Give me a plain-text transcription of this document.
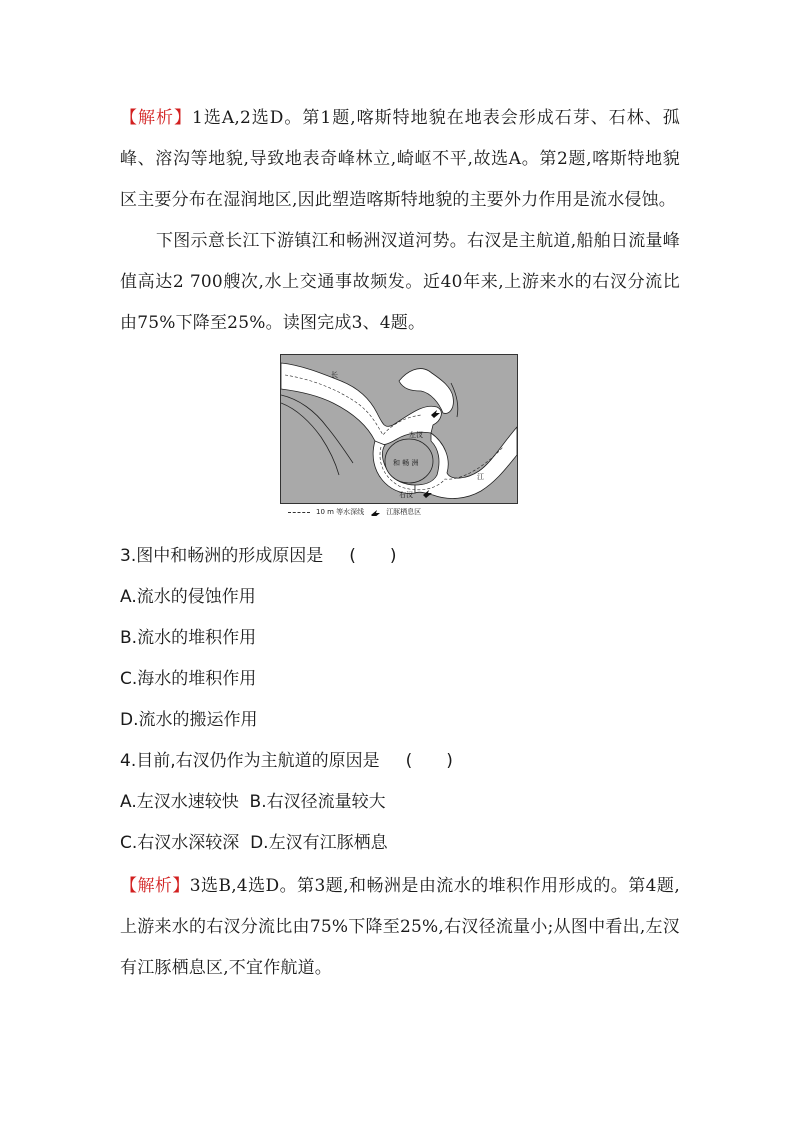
【解析】1选A,2选D。第1题,喀斯特地貌在地表会形成石芽、石林、孤峰、溶沟等地貌,导致地表奇峰林立,崎岖不平,故选A。第2题,喀斯特地貌区主要分布在湿润地区,因此塑造喀斯特地貌的主要外力作用是流水侵蚀。

下图示意长江下游镇江和畅洲汊道河势。右汊是主航道,船舶日流量峰值高达2 700艘次,水上交通事故频发。近40年来,上游来水的右汊分流比由75%下降至25%。读图完成3、4题。

长
江
左汊
右汊
和 畅 洲
10 m 等水深线	江豚栖息区

3.图中和畅洲的形成原因是 (　　)

A.流水的侵蚀作用

B.流水的堆积作用

C.海水的堆积作用

D.流水的搬运作用

4.目前,右汊仍作为主航道的原因是 (　　)

A.左汊水速较快  B.右汊径流量较大

C.右汊水深较深  D.左汊有江豚栖息

【解析】3选B,4选D。第3题,和畅洲是由流水的堆积作用形成的。第4题,上游来水的右汊分流比由75%下降至25%,右汊径流量小;从图中看出,左汊有江豚栖息区,不宜作航道。
